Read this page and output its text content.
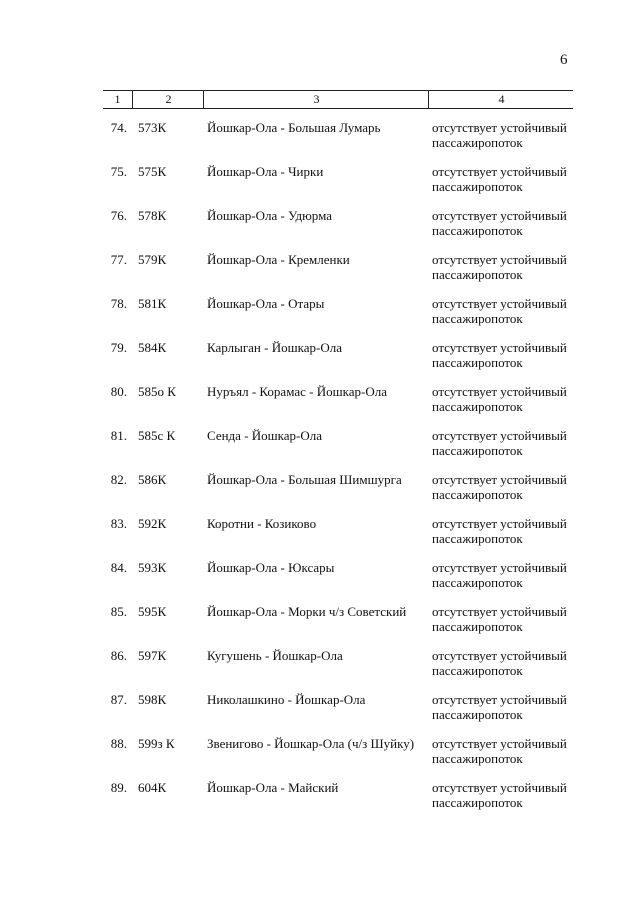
6
1	2	3	4
74. 573К	Йошкар-Ола - Большая Лумарь	отсутствует устойчивый
пассажиропоток
75. 575К	Йошкар-Ола - Чирки	отсутствует устойчивый
пассажиропоток
76. 578К	Йошкар-Ола - Удюрма	отсутствует устойчивый
пассажиропоток
77. 579К	Йошкар-Ола - Кремленки	отсутствует устойчивый
пассажиропоток
78. 581К	Йошкар-Ола - Отары	отсутствует устойчивый
пассажиропоток
79. 584К	Карлыган - Йошкар-Ола	отсутствует устойчивый
пассажиропоток
80. 585о К	Нуръял - Корамас - Йошкар-Ола	отсутствует устойчивый
пассажиропоток
81. 585с К	Сенда - Йошкар-Ола	отсутствует устойчивый
пассажиропоток
82. 586К	Йошкар-Ола - Большая Шимшурга	отсутствует устойчивый
пассажиропоток
83. 592К	Коротни - Козиково	отсутствует устойчивый
пассажиропоток
84. 593К	Йошкар-Ола - Юксары	отсутствует устойчивый
пассажиропоток
85. 595К	Йошкар-Ола - Морки ч/з Советский	отсутствует устойчивый
пассажиропоток
86. 597К	Кугушень - Йошкар-Ола	отсутствует устойчивый
пассажиропоток
87. 598К	Николашкино - Йошкар-Ола	отсутствует устойчивый
пассажиропоток
88. 599з К	Звенигово - Йошкар-Ола (ч/з Шуйку)	отсутствует устойчивый
пассажиропоток
89. 604К	Йошкар-Ола - Майский	отсутствует устойчивый
пассажиропоток
